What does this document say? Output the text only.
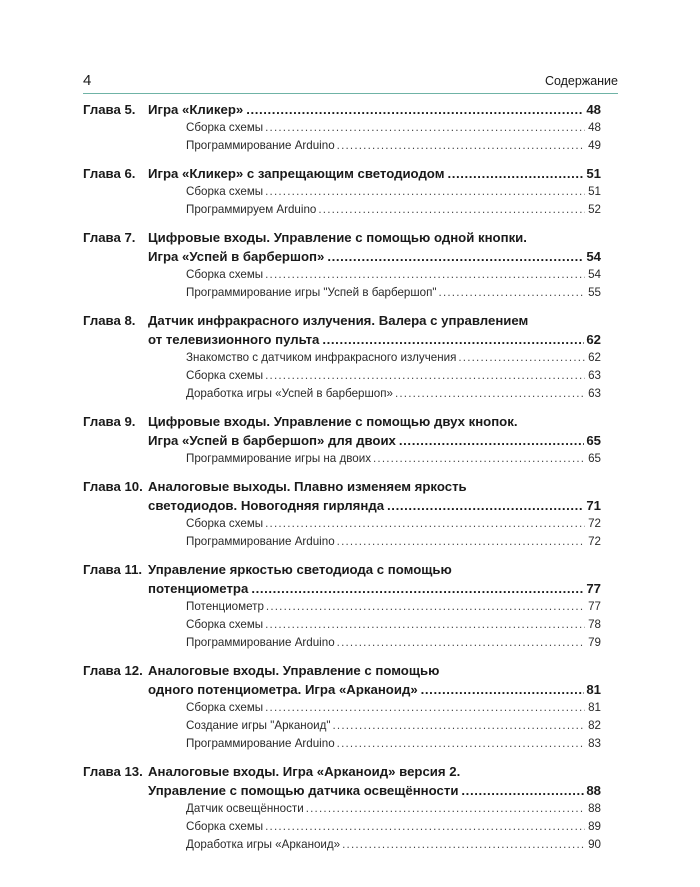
4	Содержание
Глава 5. Игра «Кликер» .....	48
Сборка схемы .....	48
Программирование Arduino .....	49
Глава 6. Игра «Кликер» с запрещающим светодиодом .....	51
Сборка схемы .....	51
Программируем Arduino .....	52
Глава 7. Цифровые входы. Управление с помощью одной кнопки.
Игра «Успей в барбершоп» .....	54
Сборка схемы .....	54
Программирование игры "Успей в барбершоп" .....	55
Глава 8. Датчик инфракрасного излучения. Валера с управлением
от телевизионного пульта .....	62
Знакомство с датчиком инфракрасного излучения .....	62
Сборка схемы .....	63
Доработка игры «Успей в барбершоп» .....	63
Глава 9. Цифровые входы. Управление с помощью двух кнопок.
Игра «Успей в барбершоп» для двоих .....	65
Программирование игры на двоих .....	65
Глава 10. Аналоговые выходы. Плавно изменяем яркость
светодиодов. Новогодняя гирлянда .....	71
Сборка схемы .....	72
Программирование Arduino .....	72
Глава 11. Управление яркостью светодиода с помощью
потенциометра .....	77
Потенциометр .....	77
Сборка схемы .....	78
Программирование Arduino .....	79
Глава 12. Аналоговые входы. Управление с помощью
одного потенциометра. Игра «Арканоид» .....	81
Сборка схемы .....	81
Создание игры "Арканоид" .....	82
Программирование Arduino .....	83
Глава 13. Аналоговые входы. Игра «Арканоид» версия 2.
Управление с помощью датчика освещённости .....	88
Датчик освещённости .....	88
Сборка схемы .....	89
Доработка игры «Арканоид» .....	90
